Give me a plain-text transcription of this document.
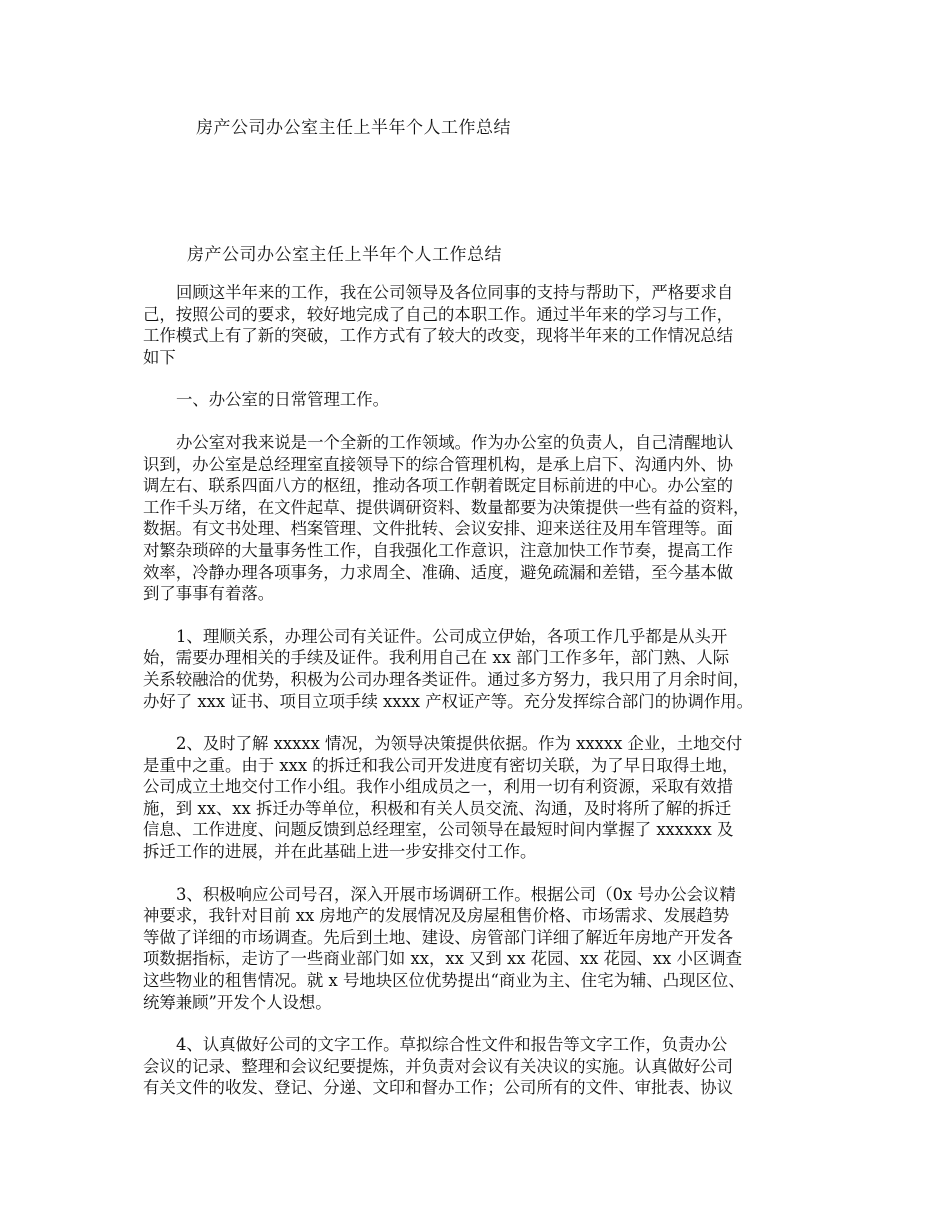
房产公司办公室主任上半年个人工作总结
房产公司办公室主任上半年个人工作总结

回顾这半年来的工作，我在公司领导及各位同事的支持与帮助下，严格要求自
己，按照公司的要求，较好地完成了自己的本职工作。通过半年来的学习与工作，
工作模式上有了新的突破，工作方式有了较大的改变，现将半年来的工作情况总结
如下

一、办公室的日常管理工作。

办公室对我来说是一个全新的工作领域。作为办公室的负责人，自己清醒地认
识到，办公室是总经理室直接领导下的综合管理机构，是承上启下、沟通内外、协
调左右、联系四面八方的枢纽，推动各项工作朝着既定目标前进的中心。办公室的
工作千头万绪，在文件起草、提供调研资料、数量都要为决策提供一些有益的资料，
数据。有文书处理、档案管理、文件批转、会议安排、迎来送往及用车管理等。面
对繁杂琐碎的大量事务性工作，自我强化工作意识，注意加快工作节奏，提高工作
效率，冷静办理各项事务，力求周全、准确、适度，避免疏漏和差错，至今基本做
到了事事有着落。

1、理顺关系，办理公司有关证件。公司成立伊始，各项工作几乎都是从头开
始，需要办理相关的手续及证件。我利用自己在 xx 部门工作多年，部门熟、人际
关系较融洽的优势，积极为公司办理各类证件。通过多方努力，我只用了月余时间，
办好了 xxx 证书、项目立项手续 xxxx 产权证产等。充分发挥综合部门的协调作用。

2、及时了解 xxxxx 情况，为领导决策提供依据。作为 xxxxx 企业，土地交付
是重中之重。由于 xxx 的拆迁和我公司开发进度有密切关联，为了早日取得土地，
公司成立土地交付工作小组。我作小组成员之一，利用一切有利资源，采取有效措
施，到 xx、xx 拆迁办等单位，积极和有关人员交流、沟通，及时将所了解的拆迁
信息、工作进度、问题反馈到总经理室，公司领导在最短时间内掌握了 xxxxxx 及
拆迁工作的进展，并在此基础上进一步安排交付工作。

3、积极响应公司号召，深入开展市场调研工作。根据公司（0x 号办公会议精
神要求，我针对目前 xx 房地产的发展情况及房屋租售价格、市场需求、发展趋势
等做了详细的市场调查。先后到土地、建设、房管部门详细了解近年房地产开发各
项数据指标，走访了一些商业部门如 xx，xx 又到 xx 花园、xx 花园、xx 小区调查
这些物业的租售情况。就 x 号地块区位优势提出“商业为主、住宅为辅、凸现区位、
统筹兼顾”开发个人设想。

4、认真做好公司的文字工作。草拟综合性文件和报告等文字工作，负责办公
会议的记录、整理和会议纪要提炼，并负责对会议有关决议的实施。认真做好公司
有关文件的收发、登记、分递、文印和督办工作；公司所有的文件、审批表、协议
